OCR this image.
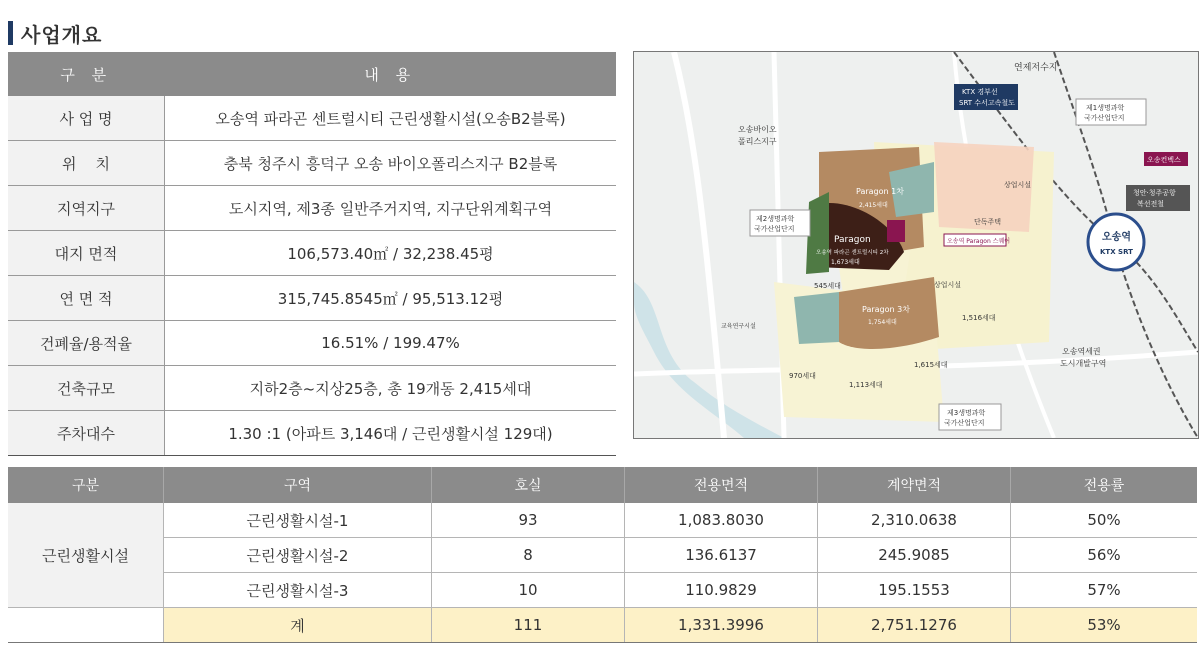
사업개요
구 분	내 용
사 업 명	오송역 파라곤 센트럴시티 근린생활시설(오송B2블록)
위    치	충북 청주시 흥덕구 오송 바이오폴리스지구 B2블록
지역지구	도시지역, 제3종 일반주거지역, 지구단위계획구역
대지 면적	106,573.40㎡ / 32,238.45평
연 면 적	315,745.8545㎡ / 95,513.12평
건폐율/용적율	16.51% / 199.47%
건축규모	지하2층~지상25층, 총 19개동 2,415세대
주차대수	1.30 :1 (아파트 3,146대 / 근린생활시설 129대)
연제저수지
KTX 경부선
SRT 수서고속철도
제1생명과학
국가산업단지
오송바이오
폴리스지구
오송컨벡스
청안·청주공항
복선전철
제2생명과학
국가산업단지
Paragon 1차
2,415세대
Paragon
오송역 파라곤 센트럴시티 2차
1,673세대
Paragon 3차
1,754세대
오송역
KTX SRT
상업시설
단독주택
오송역 Paragon 스퀘어
상업시설
545세대
1,516세대
교육연구시설
970세대
1,113세대
1,615세대
오송역세권
도시개발구역
제3생명과학
국가산업단지
구분	구역	호실	전용면적	계약면적	전용률
근린생활시설	근린생활시설-1	93	1,083.8030	2,310.0638	50%
	근린생활시설-2	8	136.6137	245.9085	56%
	근린생활시설-3	10	110.9829	195.1553	57%
	계	111	1,331.3996	2,751.1276	53%
